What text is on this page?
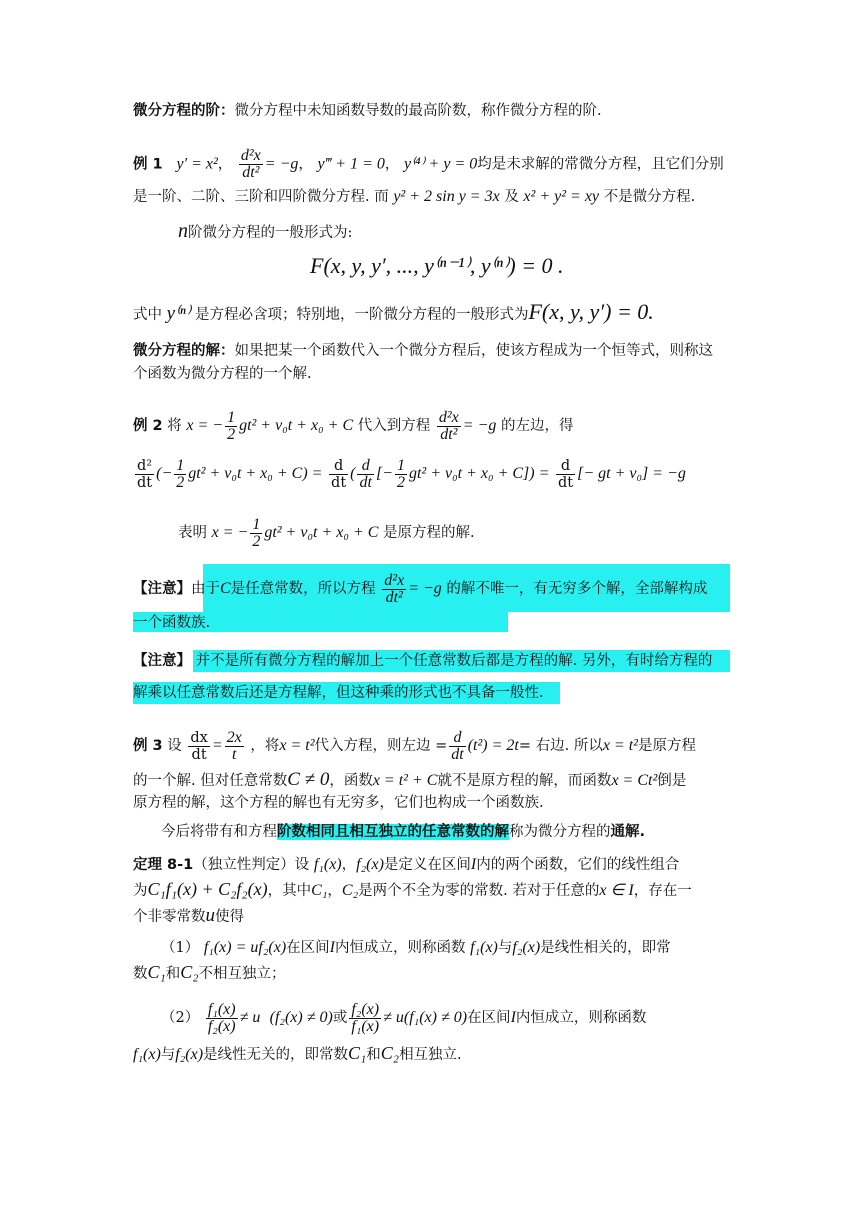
微分方程的阶：微分方程中未知函数导数的最高阶数，称作微分方程的阶.
例 1 y′ = x²， $\frac{\text{d²x}}{\text{dt²}} = -g$， y‴ + 1 = 0， y⁽⁴⁾ + y = 0均是未求解的常微分方程，且它们分别
是一阶、二阶、三阶和四阶微分方程. 而 y² + 2 sin y = 3x 及 x² + y² = xy 不是微分方程.
n阶微分方程的一般形式为:
F(x, y, y′, ..., y⁽ⁿ⁻¹⁾, y⁽ⁿ⁾) = 0 .
式中 y⁽ⁿ⁾ 是方程必含项；特别地，一阶微分方程的一般形式为F(x, y, y′) = 0.
微分方程的解：如果把某一个函数代入一个微分方程后，使该方程成为一个恒等式，则称这
个函数为微分方程的一个解.
例 2 将 x = − $\frac{1}{2} gt^2 + v_0t + x_0 + C$ 代入到方程 $\frac{\text{d²x}}{\text{dt²}} = -g$ 的左边，得
$\frac{\text{d²}}{dt}$ (− $\frac{1}{2} gt^2 + v_0t + x_0 + C) = \frac{d}{dt}$ ( $\frac{d}{dt}$ [− $\frac{1}{2} gt^2 + v_0t + x_0 + C]) = \frac{d}{dt}$ [− gt + v₀] = −g
表明 x = − $\frac{1}{2} gt^2 + v_0t + x_0 + C$ 是原方程的解.
【注意】由于C是任意常数，所以方程 $\frac{\text{d²x}}{\text{dt²}} = -g$ 的解不唯一，有无穷多个解，全部解构成
一个函数族.
【注意】 并不是所有微分方程的解加上一个任意常数后都是方程的解. 另外，有时给方程的
解乘以任意常数后还是方程解，但这种乘的形式也不具备一般性.
例 3 设 $\frac{dx}{dt} = \frac{2x}{t}$ ，将x = t²代入方程，则左边 = $\frac{d}{dt} (t^2) = 2t=$ 右边. 所以x = t²是原方程
的一个解. 但对任意常数C ≠ 0，函数x = t² + C就不是原方程的解，而函数x = Ct²倒是
原方程的解，这个方程的解也有无穷多，它们也构成一个函数族.
今后将带有和方程阶数相同且相互独立的任意常数的解称为微分方程的通解.
定理 8-1（独立性判定）设 f₁(x)，f₂(x)是定义在区间I内的两个函数，它们的线性组合
为C₁f₁(x) + C₂f₂(x)，其中C₁，C₂是两个不全为零的常数. 若对于任意的x ∈ I，存在一
个非零常数u使得
（1） f₁(x) = uf₂(x)在区间I内恒成立，则称函数 f₁(x)与f₂(x)是线性相关的，即常
数C₁和C₂不相互独立；
$(2) \frac{\text{f₁(x)}}{\text{f₂(x)}} \ne u$ (f₂(x) ≠ 0)或 $\frac{\text{f₂(x)}}{\text{f₁(x)}} \ne u(f_1(x) \ne 0)$在区间I内恒成立，则称函数
f₁(x)与f₂(x)是线性无关的，即常数C₁和C₂相互独立.
